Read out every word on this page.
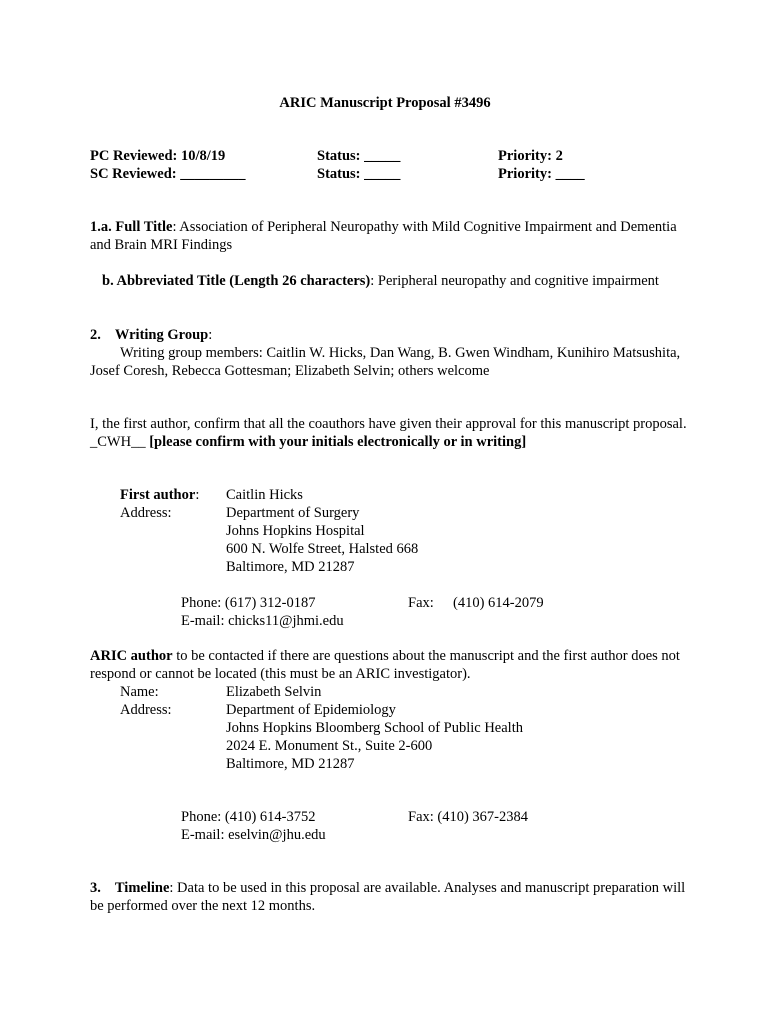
ARIC Manuscript Proposal #3496
PC Reviewed: 10/8/19
SC Reviewed: _________
Status: _____
Status: _____
Priority: 2
Priority: ____
1.a. Full Title: Association of Peripheral Neuropathy with Mild Cognitive Impairment and Dementia and Brain MRI Findings
b. Abbreviated Title (Length 26 characters): Peripheral neuropathy and cognitive impairment
2. Writing Group:
Writing group members: Caitlin W. Hicks, Dan Wang, B. Gwen Windham, Kunihiro Matsushita, Josef Coresh, Rebecca Gottesman; Elizabeth Selvin; others welcome
I, the first author, confirm that all the coauthors have given their approval for this manuscript proposal. _CWH__ [please confirm with your initials electronically or in writing]
First author:
Address:
Caitlin Hicks
Department of Surgery
Johns Hopkins Hospital
600 N. Wolfe Street, Halsted 668
Baltimore, MD 21287
Phone: (617) 312-0187	Fax: (410) 614-2079
E-mail: chicks11@jhmi.edu
ARIC author to be contacted if there are questions about the manuscript and the first author does not respond or cannot be located (this must be an ARIC investigator).
Name:
Address:
Elizabeth Selvin
Department of Epidemiology
Johns Hopkins Bloomberg School of Public Health
2024 E. Monument St., Suite 2-600
Baltimore, MD 21287
Phone: (410) 614-3752	Fax: (410) 367-2384
E-mail: eselvin@jhu.edu
3. Timeline: Data to be used in this proposal are available. Analyses and manuscript preparation will be performed over the next 12 months.
